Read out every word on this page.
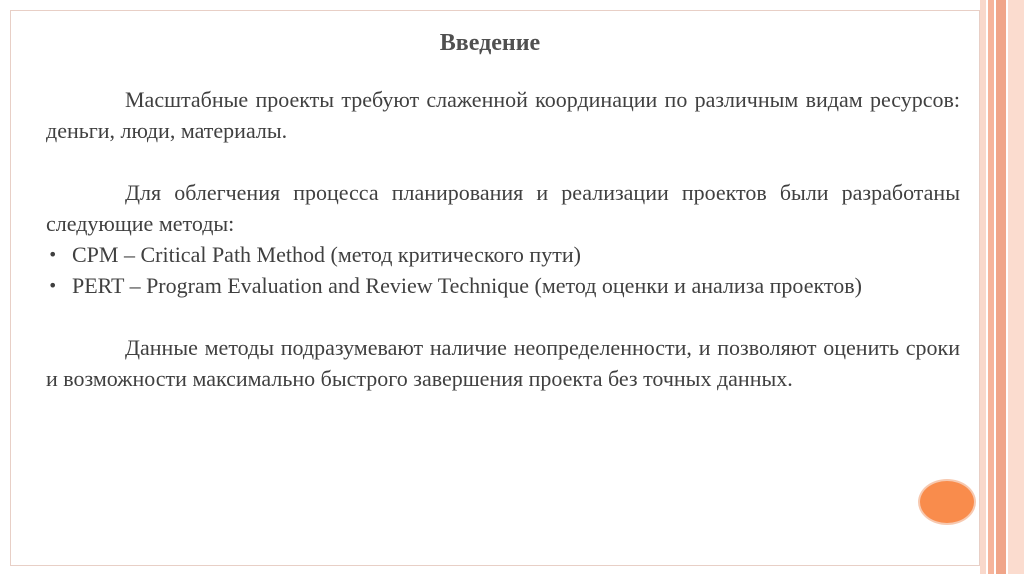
Введение

Масштабные проекты требуют слаженной координации по различным видам ресурсов: деньги, люди, материалы.

Для облегчения процесса планирования и реализации проектов были разработаны следующие методы:

• CPM – Critical Path Method (метод критического пути)
• PERT – Program Evaluation and Review Technique (метод оценки и анализа проектов)

Данные методы подразумевают наличие неопределенности, и позволяют оценить сроки и возможности максимально быстрого завершения проекта без точных данных.
